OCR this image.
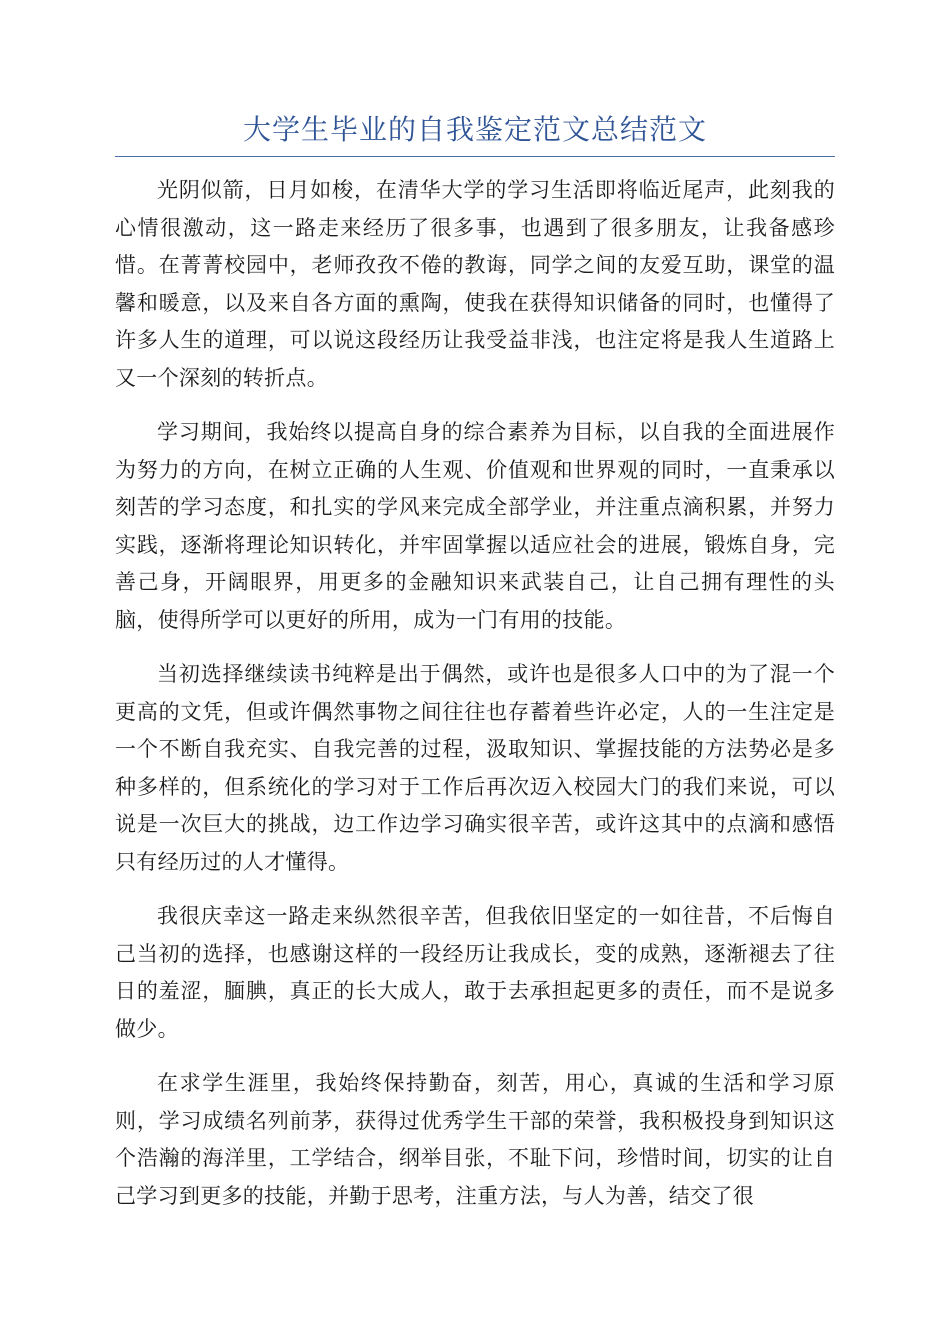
大学生毕业的自我鉴定范文总结范文

光阴似箭，日月如梭，在清华大学的学习生活即将临近尾声，此刻我的心情很激动，这一路走来经历了很多事，也遇到了很多朋友，让我备感珍惜。在菁菁校园中，老师孜孜不倦的教诲，同学之间的友爱互助，课堂的温馨和暖意，以及来自各方面的熏陶，使我在获得知识储备的同时，也懂得了许多人生的道理，可以说这段经历让我受益非浅，也注定将是我人生道路上又一个深刻的转折点。

学习期间，我始终以提高自身的综合素养为目标，以自我的全面进展作为努力的方向，在树立正确的人生观、价值观和世界观的同时，一直秉承以刻苦的学习态度，和扎实的学风来完成全部学业，并注重点滴积累，并努力实践，逐渐将理论知识转化，并牢固掌握以适应社会的进展，锻炼自身，完善己身，开阔眼界，用更多的金融知识来武装自己，让自己拥有理性的头脑，使得所学可以更好的所用，成为一门有用的技能。

当初选择继续读书纯粹是出于偶然，或许也是很多人口中的为了混一个更高的文凭，但或许偶然事物之间往往也存蓄着些许必定，人的一生注定是一个不断自我充实、自我完善的过程，汲取知识、掌握技能的方法势必是多种多样的，但系统化的学习对于工作后再次迈入校园大门的我们来说，可以说是一次巨大的挑战，边工作边学习确实很辛苦，或许这其中的点滴和感悟只有经历过的人才懂得。

我很庆幸这一路走来纵然很辛苦，但我依旧坚定的一如往昔，不后悔自己当初的选择，也感谢这样的一段经历让我成长，变的成熟，逐渐褪去了往日的羞涩，腼腆，真正的长大成人，敢于去承担起更多的责任，而不是说多做少。

在求学生涯里，我始终保持勤奋，刻苦，用心，真诚的生活和学习原则，学习成绩名列前茅，获得过优秀学生干部的荣誉，我积极投身到知识这个浩瀚的海洋里，工学结合，纲举目张，不耻下问，珍惜时间，切实的让自己学习到更多的技能，并勤于思考，注重方法，与人为善，结交了很
